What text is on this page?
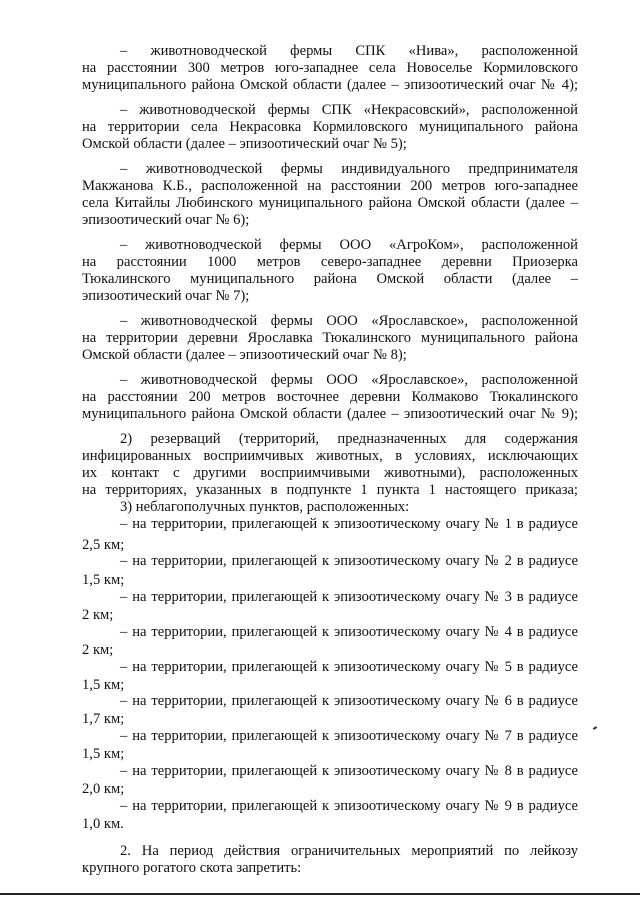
– животноводческой фермы СПК «Нива», расположенной
на расстоянии 300 метров юго-западнее села Новоселье Кормиловского
муниципального района Омской области (далее – эпизоотический очаг № 4);
– животноводческой фермы СПК «Некрасовский», расположенной
на территории села Некрасовка Кормиловского муниципального района
Омской области (далее – эпизоотический очаг № 5);
– животноводческой фермы индивидуального предпринимателя
Макжанова К.Б., расположенной на расстоянии 200 метров юго-западнее
села Китайлы Любинского муниципального района Омской области (далее –
эпизоотический очаг № 6);
– животноводческой фермы ООО «АгроКом», расположенной
на расстоянии 1000 метров северо-западнее деревни Приозерка
Тюкалинского муниципального района Омской области (далее –
эпизоотический очаг № 7);
– животноводческой фермы ООО «Ярославское», расположенной
на территории деревни Ярославка Тюкалинского муниципального района
Омской области (далее – эпизоотический очаг № 8);
– животноводческой фермы ООО «Ярославское», расположенной
на расстоянии 200 метров восточнее деревни Колмаково Тюкалинского
муниципального района Омской области (далее – эпизоотический очаг № 9);
2) резерваций (территорий, предназначенных для содержания
инфицированных восприимчивых животных, в условиях, исключающих
их контакт с другими восприимчивыми животными), расположенных
на территориях, указанных в подпункте 1 пункта 1 настоящего приказа;
3) неблагополучных пунктов, расположенных:
– на территории, прилегающей к эпизоотическому очагу № 1 в радиусе
2,5 км;
– на территории, прилегающей к эпизоотическому очагу № 2 в радиусе
1,5 км;
– на территории, прилегающей к эпизоотическому очагу № 3 в радиусе
2 км;
– на территории, прилегающей к эпизоотическому очагу № 4 в радиусе
2 км;
– на территории, прилегающей к эпизоотическому очагу № 5 в радиусе
1,5 км;
– на территории, прилегающей к эпизоотическому очагу № 6 в радиусе
1,7 км;
– на территории, прилегающей к эпизоотическому очагу № 7 в радиусе
1,5 км;
– на территории, прилегающей к эпизоотическому очагу № 8 в радиусе
2,0 км;
– на территории, прилегающей к эпизоотическому очагу № 9 в радиусе
1,0 км.
2. На период действия ограничительных мероприятий по лейкозу
крупного рогатого скота запретить:
